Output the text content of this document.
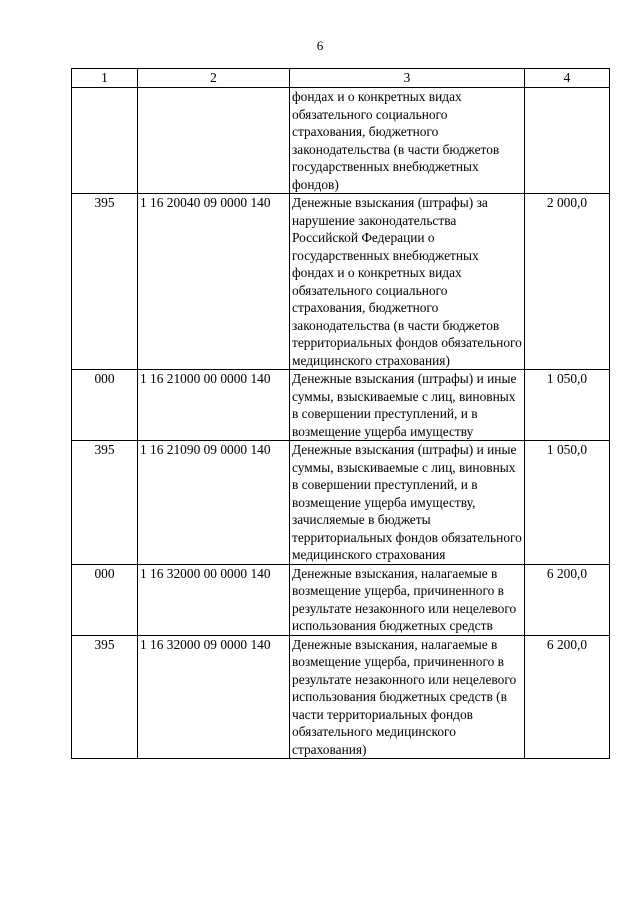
6
1	2	3	4
		фондах и о конкретных видах обязательного социального страхования, бюджетного законодательства (в части бюджетов государственных внебюджетных фондов)	
395	1 16 20040 09 0000 140	Денежные взыскания (штрафы) за нарушение законодательства Российской Федерации о государственных внебюджетных фондах и о конкретных видах обязательного социального страхования, бюджетного законодательства (в части бюджетов территориальных фондов обязательного медицинского страхования)	2 000,0
000	1 16 21000 00 0000 140	Денежные взыскания (штрафы) и иные суммы, взыскиваемые с лиц, виновных в совершении преступлений, и в возмещение ущерба имуществу	1 050,0
395	1 16 21090 09 0000 140	Денежные взыскания (штрафы) и иные суммы, взыскиваемые с лиц, виновных в совершении преступлений, и в возмещение ущерба имуществу, зачисляемые в бюджеты территориальных фондов обязательного медицинского страхования	1 050,0
000	1 16 32000 00 0000 140	Денежные взыскания, налагаемые в возмещение ущерба, причиненного в результате незаконного или нецелевого использования бюджетных средств	6 200,0
395	1 16 32000 09 0000 140	Денежные взыскания, налагаемые в возмещение ущерба, причиненного в результате незаконного или нецелевого использования бюджетных средств (в части территориальных фондов обязательного медицинского страхования)	6 200,0
